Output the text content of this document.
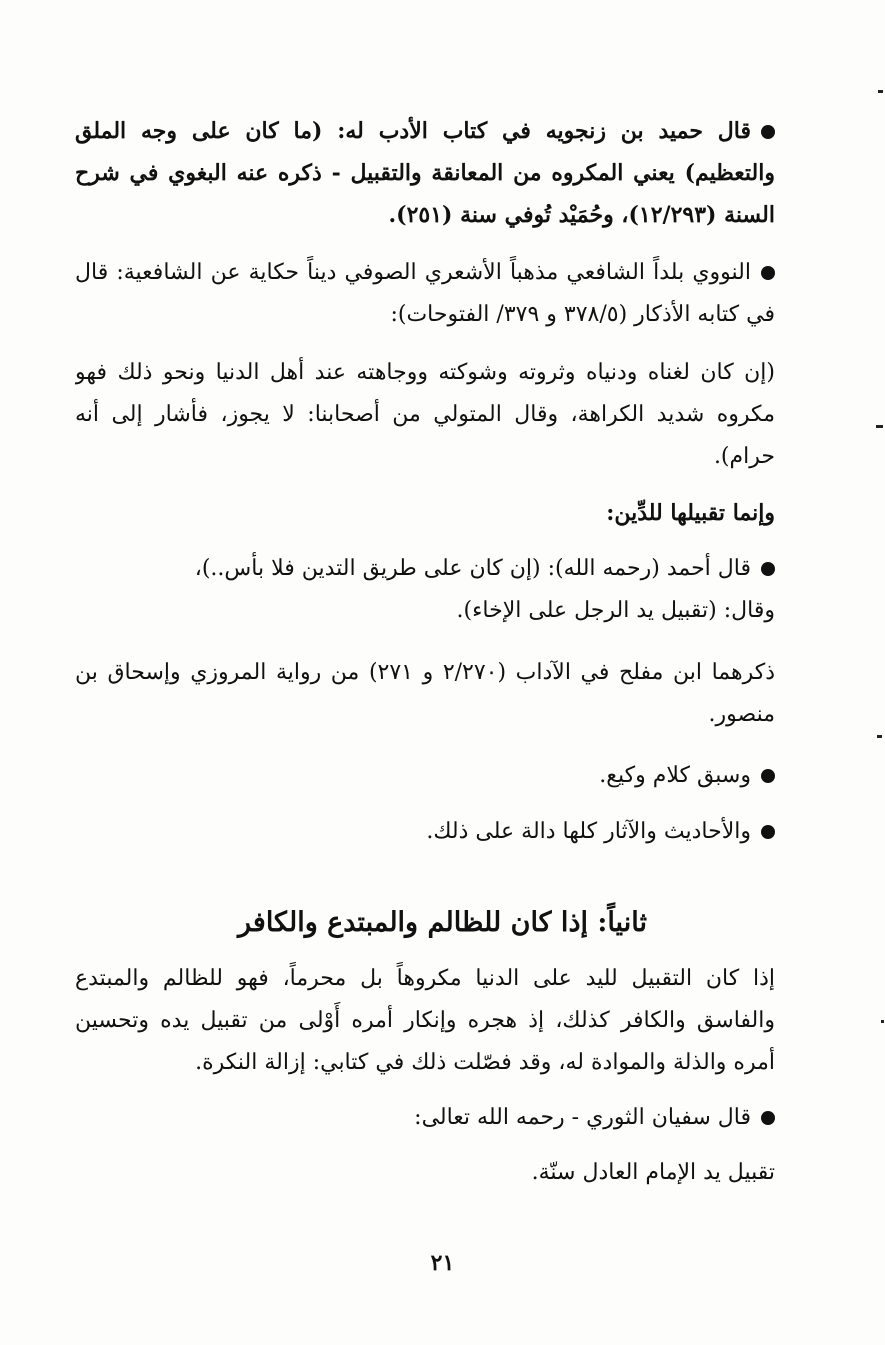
قال حميد بن زنجويه في كتاب الأدب له: (ما كان على وجه الملق والتعظيم) يعني المكروه من المعانقة والتقبيل - ذكره عنه البغوي في شرح السنة (١٢/٢٩٣)، وحُمَيْد تُوفي سنة (٢٥١).
النووي بلداً الشافعي مذهباً الأشعري الصوفي ديناً حكاية عن الشافعية: قال في كتابه الأذكار (٣٧٨/٥ و ٣٧٩/ الفتوحات):

(إن كان لغناه ودنياه وثروته وشوكته ووجاهته عند أهل الدنيا ونحو ذلك فهو مكروه شديد الكراهة، وقال المتولي من أصحابنا: لا يجوز، فأشار إلى أنه حرام).

وإنما تقبيلها للدِّين:

قال أحمد (رحمه الله): (إن كان على طريق التدين فلا بأس..)،

وقال: (تقبيل يد الرجل على الإخاء).

ذكرهما ابن مفلح في الآداب (٢/٢٧٠ و ٢٧١) من رواية المروزي وإسحاق بن منصور.

وسبق كلام وكيع.
والأحاديث والآثار كلها دالة على ذلك.
ثانياً: إذا كان للظالم والمبتدع والكافر

إذا كان التقبيل لليد على الدنيا مكروهاً بل محرماً، فهو للظالم والمبتدع والفاسق والكافر كذلك، إذ هجره وإنكار أمره أَوْلى من تقبيل يده وتحسين أمره والذلة والموادة له، وقد فصّلت ذلك في كتابي: إزالة النكرة.

قال سفيان الثوري - رحمه الله تعالى:

تقبيل يد الإمام العادل سنّة.

٢١
